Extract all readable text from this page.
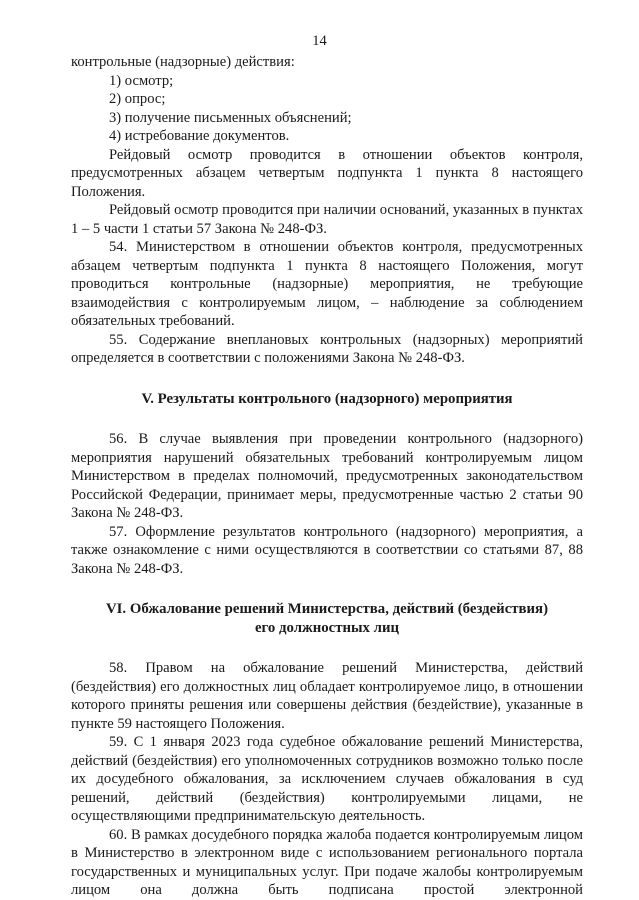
14

контрольные (надзорные) действия:

1) осмотр;

2) опрос;

3) получение письменных объяснений;

4) истребование документов.

Рейдовый осмотр проводится в отношении объектов контроля, предусмотренных абзацем четвертым подпункта 1 пункта 8 настоящего Положения.

Рейдовый осмотр проводится при наличии оснований, указанных в пунктах 1 – 5 части 1 статьи 57 Закона № 248-ФЗ.

54. Министерством в отношении объектов контроля, предусмотренных абзацем четвертым подпункта 1 пункта 8 настоящего Положения, могут проводиться контрольные (надзорные) мероприятия, не требующие взаимодействия с контролируемым лицом, – наблюдение за соблюдением обязательных требований.

55. Содержание внеплановых контрольных (надзорных) мероприятий определяется в соответствии с положениями Закона № 248-ФЗ.

V. Результаты контрольного (надзорного) мероприятия

56. В случае выявления при проведении контрольного (надзорного) мероприятия нарушений обязательных требований контролируемым лицом Министерством в пределах полномочий, предусмотренных законодательством Российской Федерации, принимает меры, предусмотренные частью 2 статьи 90 Закона № 248-ФЗ.

57. Оформление результатов контрольного (надзорного) мероприятия, а также ознакомление с ними осуществляются в соответствии со статьями 87, 88 Закона № 248-ФЗ.

VI. Обжалование решений Министерства, действий (бездействия)
его должностных лиц

58. Правом на обжалование решений Министерства, действий (бездействия) его должностных лиц обладает контролируемое лицо, в отношении которого приняты решения или совершены действия (бездействие), указанные в пункте 59 настоящего Положения.

59. С 1 января 2023 года судебное обжалование решений Министерства, действий (бездействия) его уполномоченных сотрудников возможно только после их досудебного обжалования, за исключением случаев обжалования в суд решений, действий (бездействия) контролируемыми лицами, не осуществляющими предпринимательскую деятельность.

60. В рамках досудебного порядка жалоба подается контролируемым лицом в Министерство в электронном виде с использованием регионального портала государственных и муниципальных услуг. При подаче жалобы контролируемым лицом она должна быть подписана простой электронной
